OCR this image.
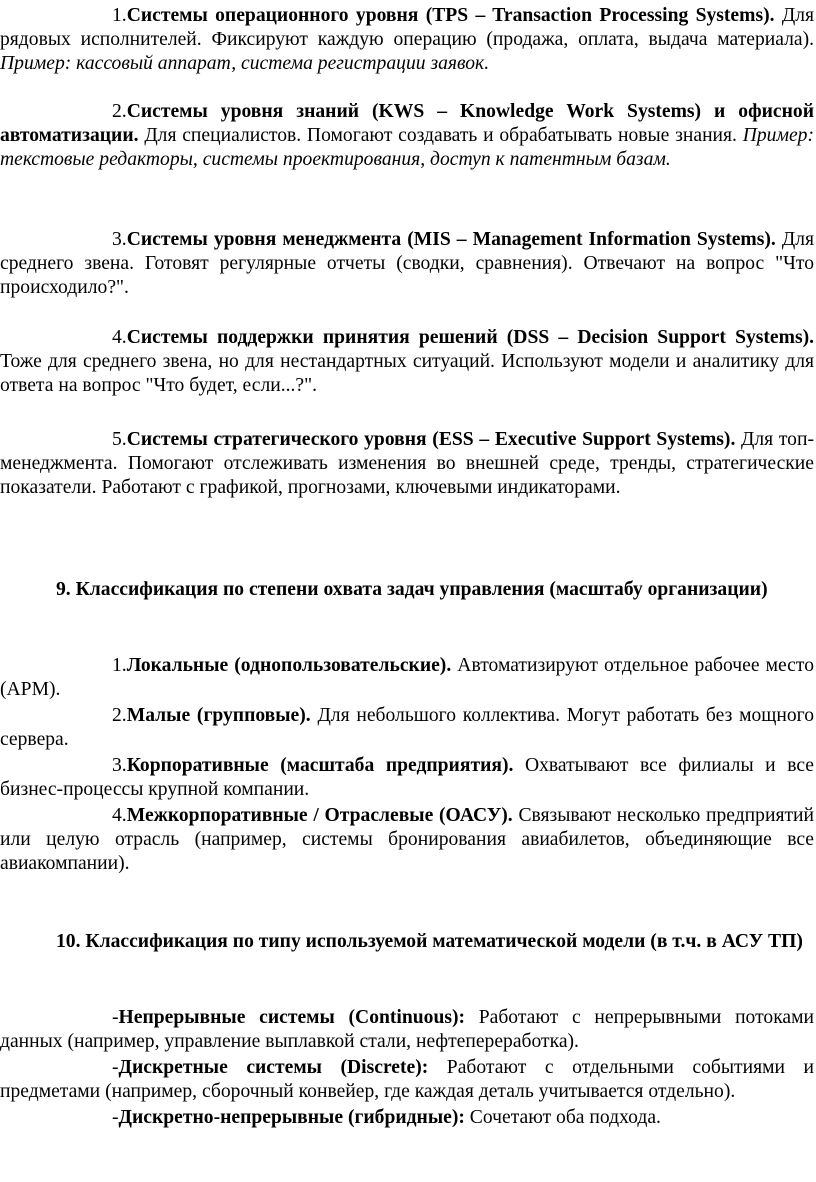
1.Системы операционного уровня (TPS – Transaction Processing Systems). Для рядовых исполнителей. Фиксируют каждую операцию (продажа, оплата, выдача материала). Пример: кассовый аппарат, система регистрации заявок.

2.Системы уровня знаний (KWS – Knowledge Work Systems) и офисной автоматизации. Для специалистов. Помогают создавать и обрабатывать новые знания. Пример: текстовые редакторы, системы проектирования, доступ к патентным базам.

3.Системы уровня менеджмента (MIS – Management Information Systems). Для среднего звена. Готовят регулярные отчеты (сводки, сравнения). Отвечают на вопрос "Что происходило?".

4.Системы поддержки принятия решений (DSS – Decision Support Systems). Тоже для среднего звена, но для нестандартных ситуаций. Используют модели и аналитику для ответа на вопрос "Что будет, если...?".

5.Системы стратегического уровня (ESS – Executive Support Systems). Для топ-менеджмента. Помогают отслеживать изменения во внешней среде, тренды, стратегические показатели. Работают с графикой, прогнозами, ключевыми индикаторами.

9. Классификация по степени охвата задач управления (масштабу организации)

1.Локальные (однопользовательские). Автоматизируют отдельное рабочее место (АРМ).

2.Малые (групповые). Для небольшого коллектива. Могут работать без мощного сервера.

3.Корпоративные (масштаба предприятия). Охватывают все филиалы и все бизнес-процессы крупной компании.

4.Межкорпоративные / Отраслевые (ОАСУ). Связывают несколько предприятий или целую отрасль (например, системы бронирования авиабилетов, объединяющие все авиакомпании).

10. Классификация по типу используемой математической модели (в т.ч. в АСУ ТП)

-Непрерывные системы (Continuous): Работают с непрерывными потоками данных (например, управление выплавкой стали, нефтепереработка).

-Дискретные системы (Discrete): Работают с отдельными событиями и предметами (например, сборочный конвейер, где каждая деталь учитывается отдельно).

-Дискретно-непрерывные (гибридные): Сочетают оба подхода.
